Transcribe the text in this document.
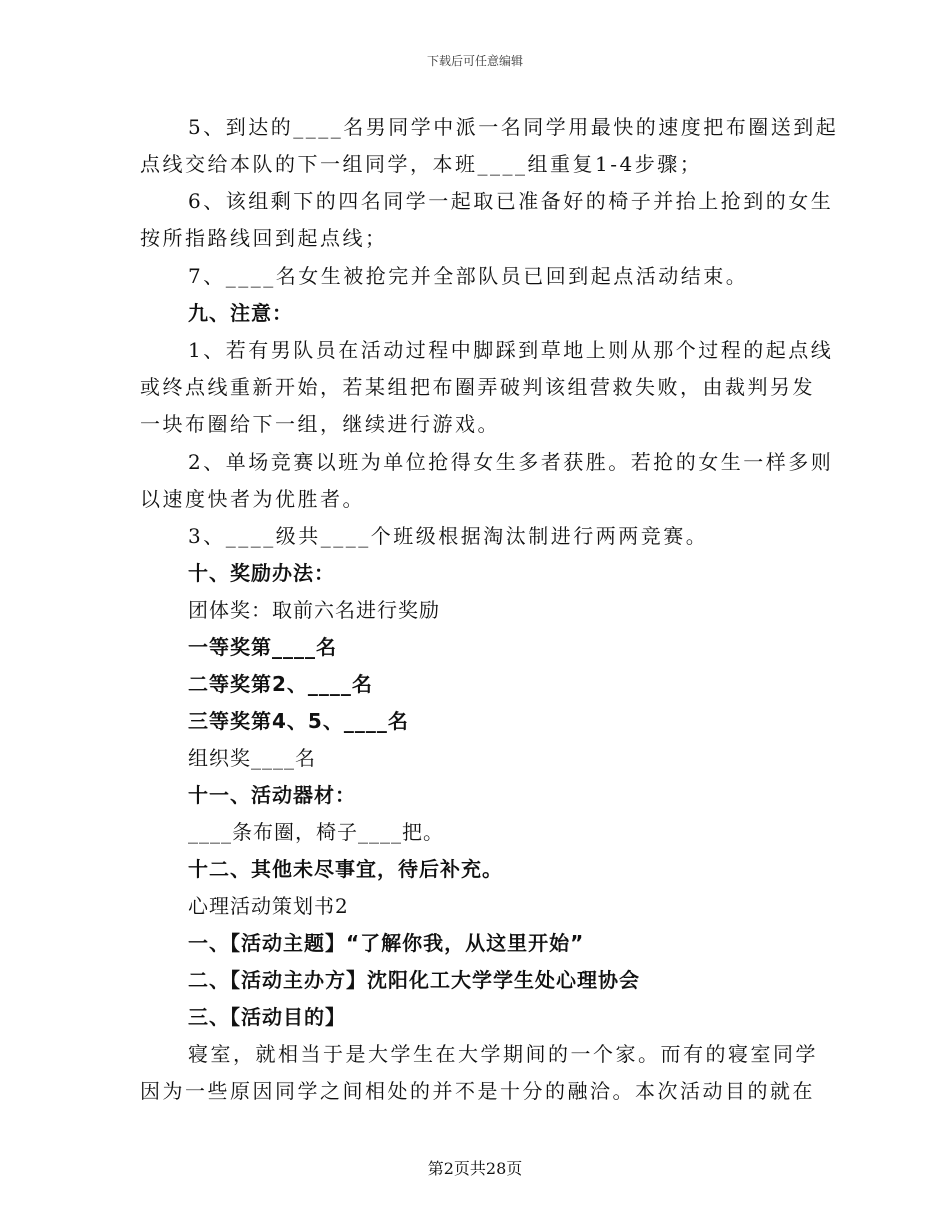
下载后可任意编辑
5、到达的____名男同学中派一名同学用最快的速度把布圈送到起
点线交给本队的下一组同学，本班____组重复1-4步骤；
6、该组剩下的四名同学一起取已准备好的椅子并抬上抢到的女生
按所指路线回到起点线；
7、____名女生被抢完并全部队员已回到起点活动结束。
九、注意：
1、若有男队员在活动过程中脚踩到草地上则从那个过程的起点线
或终点线重新开始，若某组把布圈弄破判该组营救失败，由裁判另发
一块布圈给下一组，继续进行游戏。
2、单场竞赛以班为单位抢得女生多者获胜。若抢的女生一样多则
以速度快者为优胜者。
3、____级共____个班级根据淘汰制进行两两竞赛。
十、奖励办法：
团体奖：取前六名进行奖励
一等奖第____名
二等奖第2、____名
三等奖第4、5、____名
组织奖____名
十一、活动器材：
____条布圈，椅子____把。
十二、其他未尽事宜，待后补充。
心理活动策划书2
一、【活动主题】“了解你我，从这里开始”
二、【活动主办方】沈阳化工大学学生处心理协会
三、【活动目的】
寝室，就相当于是大学生在大学期间的一个家。而有的寝室同学
因为一些原因同学之间相处的并不是十分的融洽。本次活动目的就在
第2页共28页
